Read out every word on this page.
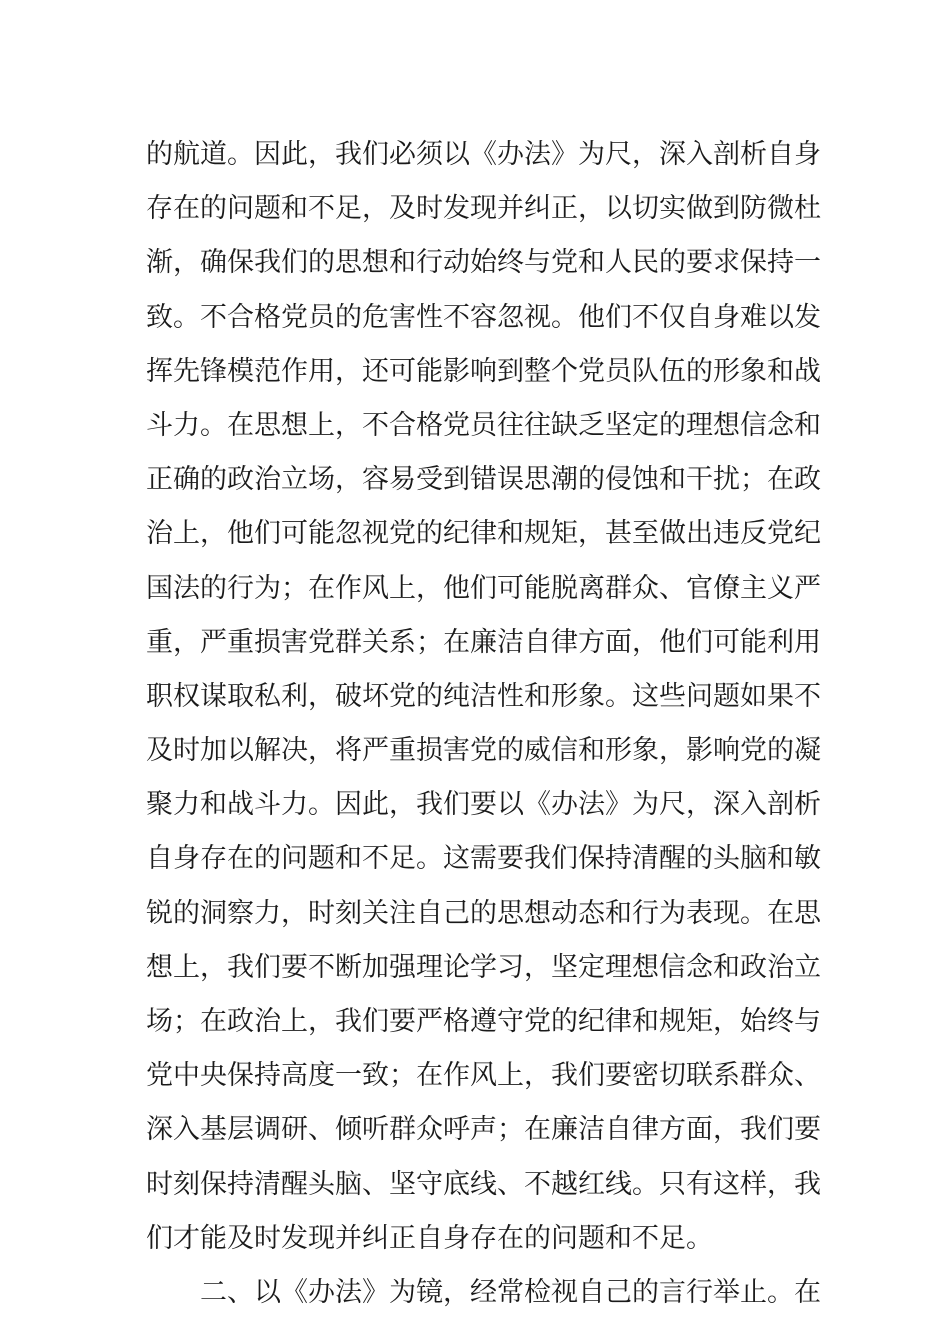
的 航 道 。 因 此 ， 我 们 必 须 以 《 办 法 》 为 尺 ， 深 入 剖 析 自 身
存 在 的 问 题 和 不 足 ， 及 时 发 现 并 纠 正 ， 以 切 实 做 到 防 微 杜
渐 ， 确 保 我 们 的 思 想 和 行 动 始 终 与 党 和 人 民 的 要 求 保 持 一
致 。 不 合 格 党 员 的 危 害 性 不 容 忽 视 。 他 们 不 仅 自 身 难 以 发
挥 先 锋 模 范 作 用 ， 还 可 能 影 响 到 整 个 党 员 队 伍 的 形 象 和 战
斗 力 。 在 思 想 上 ， 不 合 格 党 员 往 往 缺 乏 坚 定 的 理 想 信 念 和
正 确 的 政 治 立 场 ， 容 易 受 到 错 误 思 潮 的 侵 蚀 和 干 扰 ； 在 政
治 上 ， 他 们 可 能 忽 视 党 的 纪 律 和 规 矩 ， 甚 至 做 出 违 反 党 纪
国 法 的 行 为 ； 在 作 风 上 ， 他 们 可 能 脱 离 群 众 、 官 僚 主 义 严
重 ， 严 重 损 害 党 群 关 系 ； 在 廉 洁 自 律 方 面 ， 他 们 可 能 利 用
职 权 谋 取 私 利 ， 破 坏 党 的 纯 洁 性 和 形 象 。 这 些 问 题 如 果 不
及 时 加 以 解 决 ， 将 严 重 损 害 党 的 威 信 和 形 象 ， 影 响 党 的 凝
聚 力 和 战 斗 力 。 因 此 ， 我 们 要 以 《 办 法 》 为 尺 ， 深 入 剖 析
自 身 存 在 的 问 题 和 不 足 。 这 需 要 我 们 保 持 清 醒 的 头 脑 和 敏
锐 的 洞 察 力 ， 时 刻 关 注 自 己 的 思 想 动 态 和 行 为 表 现 。 在 思
想 上 ， 我 们 要 不 断 加 强 理 论 学 习 ， 坚 定 理 想 信 念 和 政 治 立
场 ； 在 政 治 上 ， 我 们 要 严 格 遵 守 党 的 纪 律 和 规 矩 ， 始 终 与
党 中 央 保 持 高 度 一 致 ； 在 作 风 上 ， 我 们 要 密 切 联 系 群 众 、
深 入 基 层 调 研 、 倾 听 群 众 呼 声 ； 在 廉 洁 自 律 方 面 ， 我 们 要
时 刻 保 持 清 醒 头 脑 、 坚 守 底 线 、 不 越 红 线 。 只 有 这 样 ， 我
们才能及时发现并纠正自身存在的问题和不足。
二 、 以 《 办 法 》 为 镜 ， 经 常 检 视 自 己 的 言 行 举 止 。 在
